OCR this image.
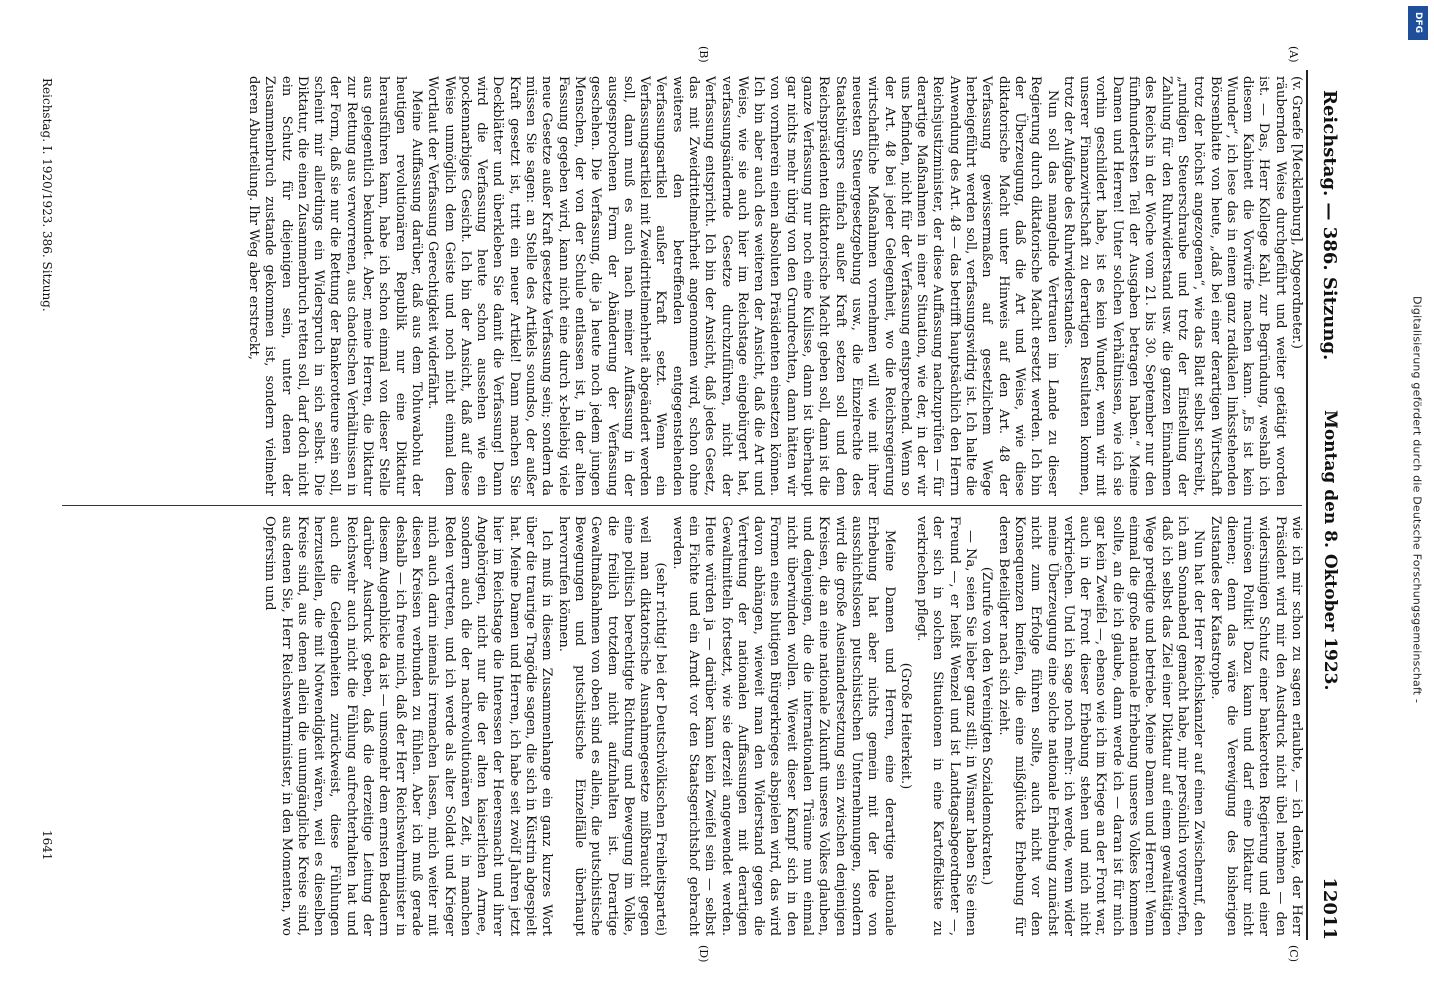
Reichstag. — 386. Sitzung.
Montag den 8. Oktober 1923.
12011
(A)
(B)
(C)
(D)

(v. Graefe [Mecklenburg], Abgeordneter.)

räubernden Weise durchgeführt und weiter getätigt worden ist. — Das, Herr Kollege Kahl, zur Begründung, weshalb ich diesem Kabinett die Vorwürfe machen kann. „Es ist kein Wunder“, ich lese das in einem ganz radikalen linksstehenden Börsenblatte von heute, „daß bei einer derartigen Wirtschaft trotz der höchst angezogenen“, wie das Blatt selbst schreibt, „rundigen Steuerschraube und trotz der Einstellung der Zahlung für den Ruhrwiderstand usw. die ganzen Einnahmen des Reichs in der Woche vom 21. bis 30. September nur den fünfhundertsten Teil der Ausgaben betragen haben.“ Meine Damen und Herren! Unter solchen Verhältnissen, wie ich sie vorhin geschildert habe, ist es kein Wunder, wenn wir mit unserer Finanzwirtschaft zu derartigen Resultaten kommen, trotz der Aufgabe des Ruhrwiderstandes.

Nun soll das mangelnde Vertrauen im Lande zu dieser Regierung durch diktatorische Macht ersetzt werden. Ich bin der Überzeugung, daß die Art und Weise, wie diese diktatorische Macht unter Hinweis auf den Art. 48 der Verfassung gewissermaßen auf gesetzlichem Wege herbeigeführt werden soll, verfassungswidrig ist. Ich halte die Anwendung des Art. 48 — das betrifft hauptsächlich den Herrn Reichsjustizminister, der diese Auffassung nachzuprüfen — für derartige Maßnahmen in einer Situation, wie der, in der wir uns befinden, nicht für der Verfassung entsprechend. Wenn so der Art. 48 bei jeder Gelegenheit, wo die Reichsregierung wirtschaftliche Maßnahmen vornehmen will wie mit ihrer neuesten Steuergesetzgebung usw., die Einzelrechte des Staatsbürgers einfach außer Kraft setzen soll und dem Reichspräsidenten diktatorische Macht geben soll, dann ist die ganze Verfassung nur noch eine Kulisse, dann ist überhaupt gar nichts mehr übrig von den Grundrechten, dann hätten wir von vornherein einen absoluten Präsidenten einsetzen können. Ich bin aber auch des weiteren der Ansicht, daß die Art und Weise, wie sie auch hier im Reichstage eingebürgert hat, verfassungsändernde Gesetze durchzuführen, nicht der Verfassung entspricht. Ich bin der Ansicht, daß jedes Gesetz, das mit Zweidrittelmehrheit angenommen wird, schon ohne weiteres den betreffenden entgegenstehenden Verfassungsartikel außer Kraft setzt. Wenn ein Verfassungsartikel mit Zweidrittelmehrheit abgeändert werden soll, dann muß es auch nach meiner Auffassung in der ausgesprochenen Form der Abänderung der Verfassung geschehen. Die Verfassung, die ja heute noch jedem jungen Menschen, der von der Schule entlassen ist, in der alten Fassung gegeben wird, kann nicht eine durch x-beliebig viele neue Gesetze außer Kraft gesetzte Verfassung sein; sondern da müssen Sie sagen: an Stelle des Artikels soundso, der außer Kraft gesetzt ist, tritt ein neuer Artikel! Dann machen Sie Deckblätter und überkleben Sie damit die Verfassung! Dann wird die Verfassung heute schon aussehen wie ein pockennarbiges Gesicht. Ich bin der Ansicht, daß auf diese Weise unmöglich dem Geiste und noch nicht einmal dem Wortlaut der Verfassung Gerechtigkeit widerfährt.

Meine Auffassung darüber, daß aus dem Tohuwabohu der heutigen revolutionären Republik nur eine Diktatur herausführen kann, habe ich schon einmal von dieser Stelle aus gelegentlich bekundet. Aber, meine Herren, die Diktatur zur Rettung aus verworrenen, aus chaotischen Verhältnissen in der Form, daß sie nur die Rettung der Bankerotteure sein soll, scheint mir allerdings ein Widerspruch in sich selbst. Die Diktatur, die einen Zusammenbruch retten soll, darf doch nicht ein Schutz für diejenigen sein, unter denen der Zusammenbruch zustande gekommen ist, sondern vielmehr deren Aburteilung. Ihr Weg aber erstreckt,

wie ich mir schon zu sagen erlaubte, — ich denke, der Herr Präsident wird mir den Ausdruck nicht übel nehmen — den widersinnigen Schutz einer bankerotten Regierung und einer ruinösen Politik! Dazu kann und darf eine Diktatur nicht dienen; denn das wäre die Verewigung des bisherigen Zustandes der Katastrophe.

Nun hat der Herr Reichskanzler auf einen Zwischenruf, den ich am Sonnabend gemacht habe, mir persönlich vorgeworfen, daß ich selbst das Ziel einer Diktatur auf einem gewalttätigen Wege predigte und betriebe. Meine Damen und Herren! Wenn einmal die große nationale Erhebung unseres Volkes kommen sollte, an die ich glaube, dann werde ich — daran ist für mich gar kein Zweifel —, ebenso wie ich im Kriege an der Front war, auch in der Front dieser Erhebung stehen und mich nicht verkriechen. Und ich sage noch mehr: ich werde, wenn wider meine Überzeugung eine solche nationale Erhebung zunächst nicht zum Erfolge führen sollte, auch nicht vor den Konsequenzen kneifen, die eine mißglückte Erhebung für deren Beteiligter nach sich zieht.

(Zurufe von den Vereinigten Sozialdemokraten.)

— Na, seien Sie lieber ganz still; in Wismar haben Sie einen Freund —, er heißt Wenzel und ist Landtagsabgeordneter —, der sich in solchen Situationen in eine Kartoffelkiste zu verkriechen pflegt.

(Große Heiterkeit.)

Meine Damen und Herren, eine derartige nationale Erhebung hat aber nichts gemein mit der Idee von ausschichtslosen putschistischen Unternehmungen, sondern wird die große Auseinandersetzung sein zwischen denjenigen Kreisen, die an eine nationale Zukunft unseres Volkes glauben, und denjenigen, die die internationalen Träume nun einmal nicht überwinden wollen. Wieweit dieser Kampf sich in den Formen eines blutigen Bürgerkrieges abspielen wird, das wird davon abhängen, wieweit man den Widerstand gegen die Vertretung der nationalen Auffassungen mit derartigen Gewaltmitteln fortsetzt, wie sie derzeit angewendet werden. Heute würden ja — darüber kann kein Zweifel sein — selbst ein Fichte und ein Arndt vor den Staatsgerichtshof gebracht werden.

(sehr richtig! bei der Deutschvölkischen Freiheitspartei)

weil man diktatorische Ausnahmegesetze mißbraucht gegen eine politisch berechtigte Richtung und Bewegung im Volke, die freilich trotzdem nicht aufzuhalten ist. Derartige Gewaltmaßnahmen von oben sind es allein, die putschistische Bewegungen und putschistische Einzelfälle überhaupt hervorrufen können.

Ich muß in diesem Zusammenhange ein ganz kurzes Wort über die traurige Tragödie sagen, die sich in Küstrin abgespielt hat. Meine Damen und Herren, ich habe seit zwölf Jahren jetzt hier im Reichstage die Interessen der Heeresmacht und ihrer Angehörigen, nicht nur die der alten kaiserlichen Armee, sondern auch die der nachrevolutionären Zeit, in manchen Reden vertreten, und ich werde als alter Soldat und Krieger mich auch darin niemals irremachen lassen, mich weiter mit diesen Kreisen verbunden zu fühlen. Aber ich muß gerade deshalb — ich freue mich, daß der Herr Reichswehrminister in diesem Augenblicke da ist — umsomehr dem ernsten Bedauern darüber Ausdruck geben, daß die derzeitige Leitung der Reichswehr auch nicht die Fühlung aufrechterhalten hat und auch die Gelegenheiten zurückweist, diese Fühlungen herzustellen, die mit Notwendigkeit wären, weil es dieselben Kreise sind, aus denen allein die unumgängliche Kreise sind, aus denen Sie, Herr Reichswehrminister, in den Momenten, wo Opfersinn und

Reichstag. I. 1920/1923. 386. Sitzung.
1641
DFG
Digitalisierung gefördert durch die Deutsche Forschungsgemeinschaft -
